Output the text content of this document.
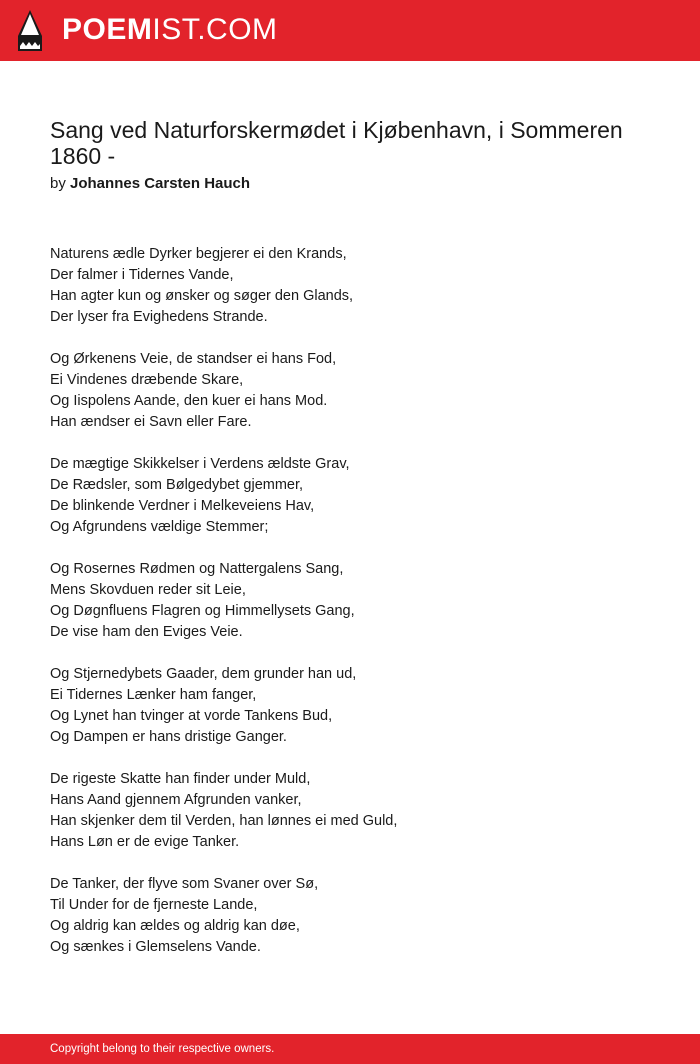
POEMIST.COM
Sang ved Naturforskermødet i Kjøbenhavn, i Sommeren 1860 -
by Johannes Carsten Hauch
Naturens ædle Dyrker begjerer ei den Krands,
Der falmer i Tidernes Vande,
Han agter kun og ønsker og søger den Glands,
Der lyser fra Evighedens Strande.
Og Ørkenens Veie, de standser ei hans Fod,
Ei Vindenes dræbende Skare,
Og Iispolens Aande, den kuer ei hans Mod.
Han ændser ei Savn eller Fare.
De mægtige Skikkelser i Verdens ældste Grav,
De Rædsler, som Bølgedybet gjemmer,
De blinkende Verdner i Melkeveiens Hav,
Og Afgrundens vældige Stemmer;
Og Rosernes Rødmen og Nattergalens Sang,
Mens Skovduen reder sit Leie,
Og Døgnfluens Flagren og Himmellysets Gang,
De vise ham den Eviges Veie.
Og Stjernedybets Gaader, dem grunder han ud,
Ei Tidernes Lænker ham fanger,
Og Lynet han tvinger at vorde Tankens Bud,
Og Dampen er hans dristige Ganger.
De rigeste Skatte han finder under Muld,
Hans Aand gjennem Afgrunden vanker,
Han skjenker dem til Verden, han lønnes ei med Guld,
Hans Løn er de evige Tanker.
De Tanker, der flyve som Svaner over Sø,
Til Under for de fjerneste Lande,
Og aldrig kan ældes og aldrig kan døe,
Og sænkes i Glemselens Vande.
Copyright belong to their respective owners.
